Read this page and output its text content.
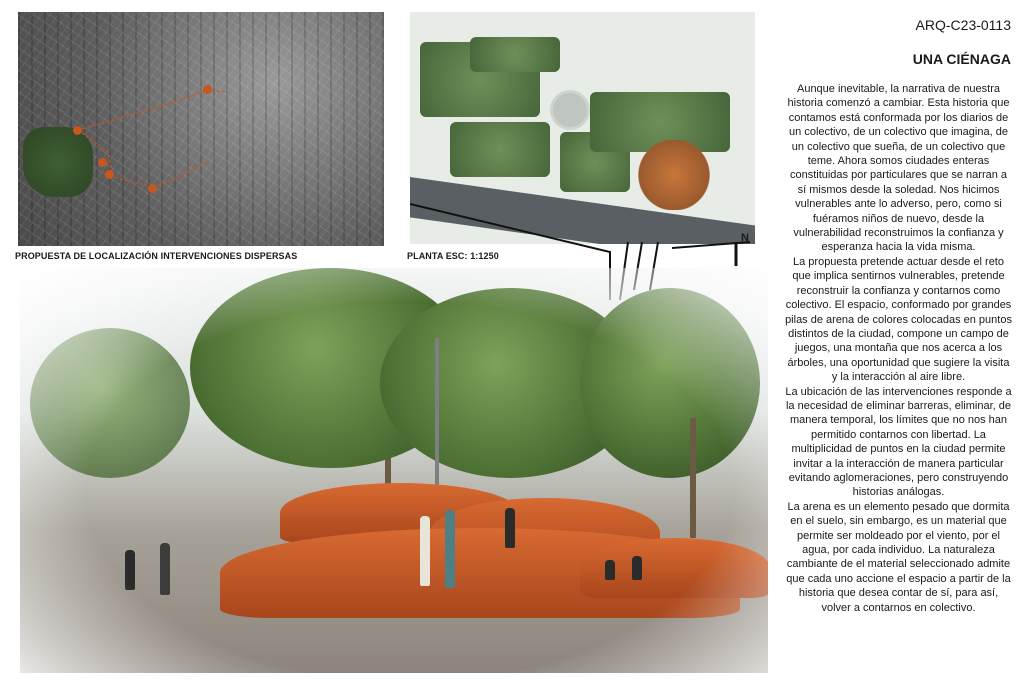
PROPUESTA DE LOCALIZACIÓN INTERVENCIONES DISPERSAS
N
PLANTA ESC: 1:1250
ARQ-C23-0113
UNA CIÉNAGA

Aunque inevitable, la narrativa de nuestra historia comenzó a cambiar. Esta historia que contamos está conformada por los diarios de un colectivo, de un colectivo que imagina, de un colectivo que sueña, de un colectivo que teme. Ahora somos ciudades enteras constituidas por particulares que se narran a sí mismos desde la soledad. Nos hicimos vulnerables ante lo adverso, pero, como si fuéramos niños de nuevo, desde la vulnerabilidad reconstruimos la confianza y esperanza hacia la vida misma.

La propuesta pretende actuar desde el reto que implica sentirnos vulnerables, pretende reconstruir la confianza y contarnos como colectivo. El espacio, conformado por grandes pilas de arena de colores colocadas en puntos distintos de la ciudad, compone un campo de juegos, una montaña que nos acerca a los árboles, una oportunidad que sugiere la visita y la interacción al aire libre.

La ubicación de las intervenciones responde a la necesidad de eliminar barreras, eliminar, de manera temporal, los límites que no nos han permitido contarnos con libertad. La multiplicidad de puntos en la ciudad permite invitar a la interacción de manera particular evitando aglomeraciones, pero construyendo historias análogas.

La arena es un elemento pesado que dormita en el suelo, sin embargo, es un material que permite ser moldeado por el viento, por el agua, por cada individuo. La naturaleza cambiante de el material seleccionado admite que cada uno accione el espacio a partir de la historia que desea contar de sí, para así, volver a contarnos en colectivo.
